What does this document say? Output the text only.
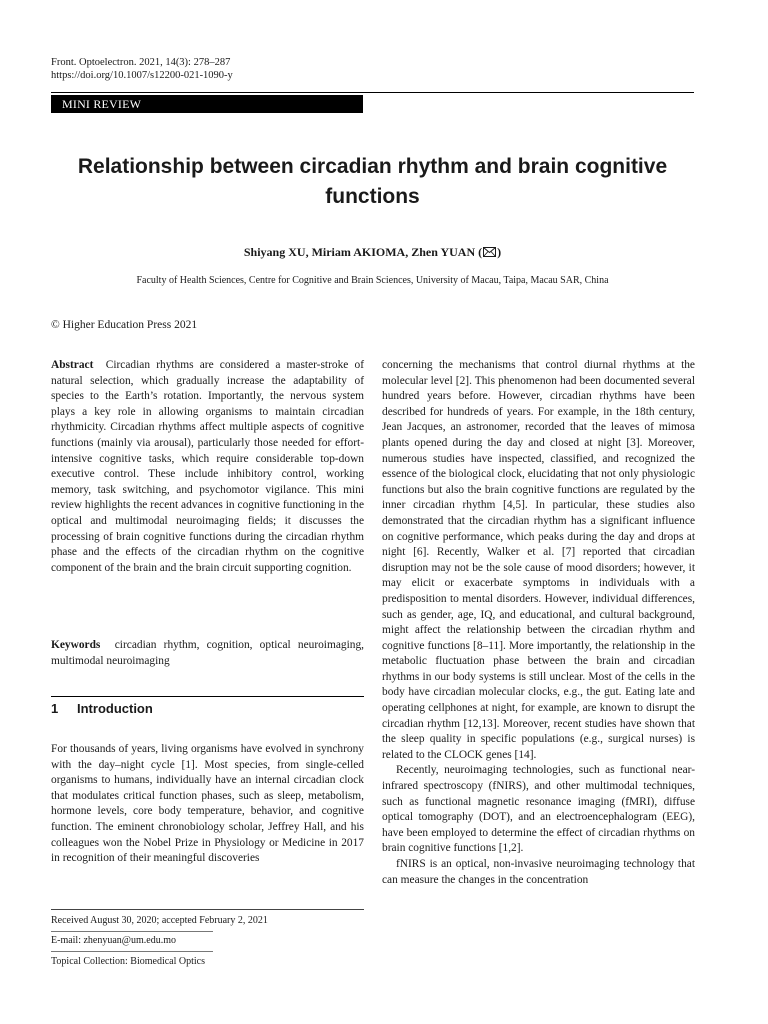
Front. Optoelectron. 2021, 14(3): 278–287
https://doi.org/10.1007/s12200-021-1090-y
MINI REVIEW
Relationship between circadian rhythm and brain cognitive functions
Shiyang XU, Miriam AKIOMA, Zhen YUAN ( )
Faculty of Health Sciences, Centre for Cognitive and Brain Sciences, University of Macau, Taipa, Macau SAR, China
© Higher Education Press 2021

Abstract Circadian rhythms are considered a master-stroke of natural selection, which gradually increase the adaptability of species to the Earth’s rotation. Importantly, the nervous system plays a key role in allowing organisms to maintain circadian rhythmicity. Circadian rhythms affect multiple aspects of cognitive functions (mainly via arousal), particularly those needed for effort-intensive cognitive tasks, which require considerable top-down executive control. These include inhibitory control, working memory, task switching, and psychomotor vigilance. This mini review highlights the recent advances in cognitive functioning in the optical and multimodal neuroimaging fields; it discusses the processing of brain cognitive functions during the circadian rhythm phase and the effects of the circadian rhythm on the cognitive component of the brain and the brain circuit supporting cognition.

Keywords circadian rhythm, cognition, optical neuroimaging, multimodal neuroimaging

1 Introduction

For thousands of years, living organisms have evolved in synchrony with the day–night cycle [1]. Most species, from single-celled organisms to humans, individually have an internal circadian clock that modulates critical function phases, such as sleep, metabolism, hormone levels, core body temperature, behavior, and cognitive function. The eminent chronobiology scholar, Jeffrey Hall, and his colleagues won the Nobel Prize in Physiology or Medicine in 2017 in recognition of their meaningful discoveries

Received August 30, 2020; accepted February 2, 2021
E-mail: zhenyuan@um.edu.mo
Topical Collection: Biomedical Optics

concerning the mechanisms that control diurnal rhythms at the molecular level [2]. This phenomenon had been documented several hundred years before. However, circadian rhythms have been described for hundreds of years. For example, in the 18th century, Jean Jacques, an astronomer, recorded that the leaves of mimosa plants opened during the day and closed at night [3]. Moreover, numerous studies have inspected, classified, and recognized the essence of the biological clock, elucidating that not only physiologic functions but also the brain cognitive functions are regulated by the inner circadian rhythm [4,5]. In particular, these studies also demonstrated that the circadian rhythm has a significant influence on cognitive performance, which peaks during the day and drops at night [6]. Recently, Walker et al. [7] reported that circadian disruption may not be the sole cause of mood disorders; however, it may elicit or exacerbate symptoms in individuals with a predisposition to mental disorders. However, individual differences, such as gender, age, IQ, and educational, and cultural background, might affect the relationship between the circadian rhythm and cognitive functions [8–11]. More importantly, the relationship in the metabolic fluctuation phase between the brain and circadian rhythms in our body systems is still unclear. Most of the cells in the body have circadian molecular clocks, e.g., the gut. Eating late and operating cellphones at night, for example, are known to disrupt the circadian rhythm [12,13]. Moreover, recent studies have shown that the sleep quality in specific populations (e.g., surgical nurses) is related to the CLOCK genes [14].

Recently, neuroimaging technologies, such as functional near-infrared spectroscopy (fNIRS), and other multimodal techniques, such as functional magnetic resonance imaging (fMRI), diffuse optical tomography (DOT), and an electroencephalogram (EEG), have been employed to determine the effect of circadian rhythms on brain cognitive functions [1,2].

fNIRS is an optical, non-invasive neuroimaging technology that can measure the changes in the concentration
